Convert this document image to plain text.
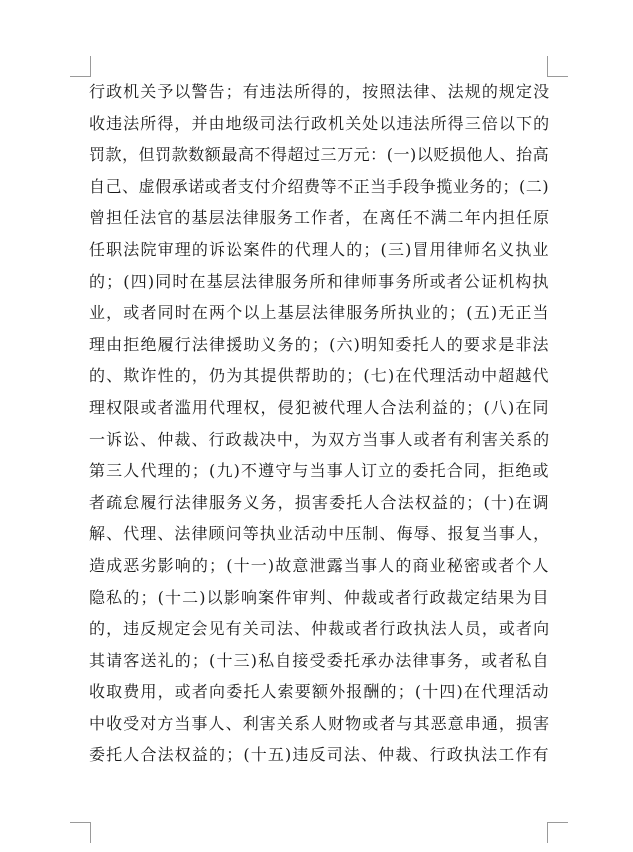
行政机关予以警告；有违法所得的，按照法律、法规的规定没
收违法所得，并由地级司法行政机关处以违法所得三倍以下的
罚款，但罚款数额最高不得超过三万元：(一)以贬损他人、抬高
自己、虚假承诺或者支付介绍费等不正当手段争揽业务的；(二)
曾担任法官的基层法律服务工作者，在离任不满二年内担任原
任职法院审理的诉讼案件的代理人的；(三)冒用律师名义执业
的；(四)同时在基层法律服务所和律师事务所或者公证机构执
业，或者同时在两个以上基层法律服务所执业的；(五)无正当
理由拒绝履行法律援助义务的；(六)明知委托人的要求是非法
的、欺诈性的，仍为其提供帮助的；(七)在代理活动中超越代
理权限或者滥用代理权，侵犯被代理人合法利益的；(八)在同
一诉讼、仲裁、行政裁决中，为双方当事人或者有利害关系的
第三人代理的；(九)不遵守与当事人订立的委托合同，拒绝或
者疏怠履行法律服务义务，损害委托人合法权益的；(十)在调
解、代理、法律顾问等执业活动中压制、侮辱、报复当事人，
造成恶劣影响的；(十一)故意泄露当事人的商业秘密或者个人
隐私的；(十二)以影响案件审判、仲裁或者行政裁定结果为目
的，违反规定会见有关司法、仲裁或者行政执法人员，或者向
其请客送礼的；(十三)私自接受委托承办法律事务，或者私自
收取费用，或者向委托人索要额外报酬的；(十四)在代理活动
中收受对方当事人、利害关系人财物或者与其恶意串通，损害
委托人合法权益的；(十五)违反司法、仲裁、行政执法工作有
